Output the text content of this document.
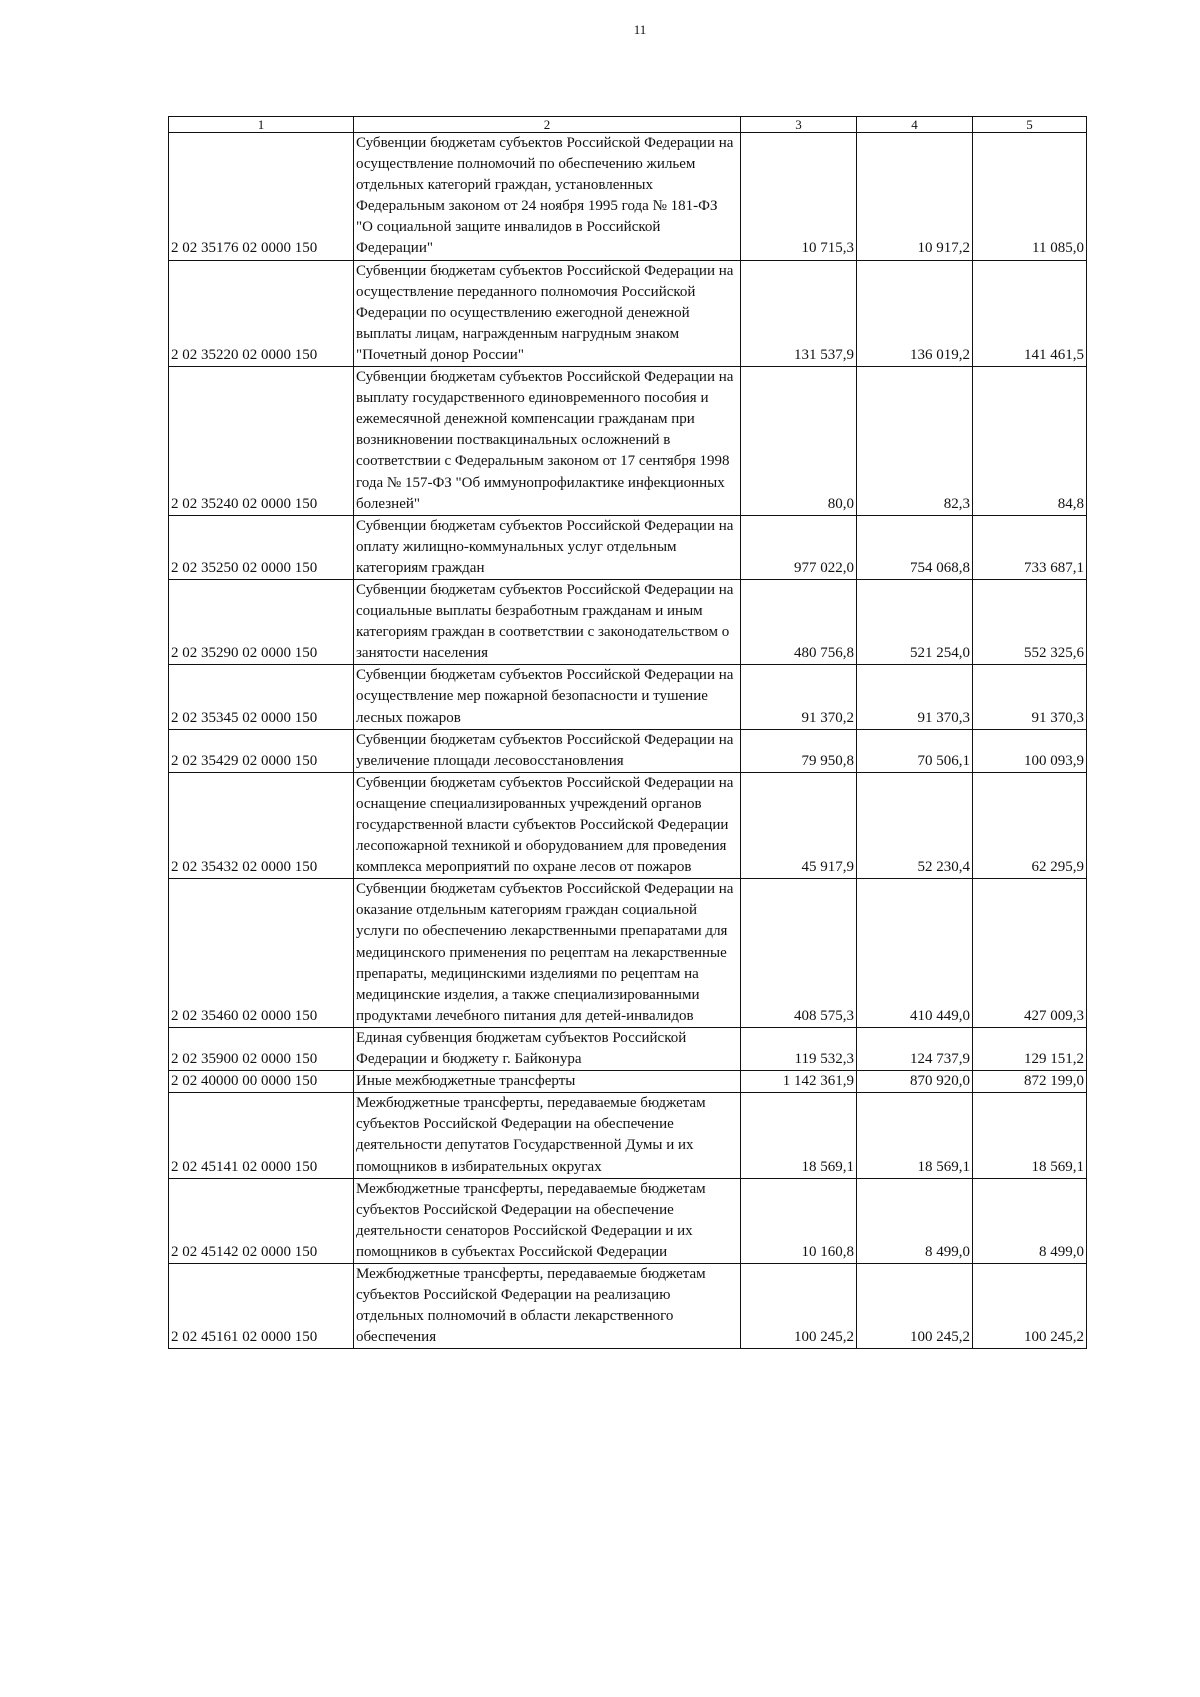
11
1	2	3	4	5
2 02 35176 02 0000 150	Субвенции бюджетам субъектов Российской Федерации на осуществление полномочий по обеспечению жильем отдельных категорий граждан, установленных Федеральным законом от 24 ноября 1995 года № 181-ФЗ "О социальной защите инвалидов в Российской Федерации"	10 715,3	10 917,2	11 085,0
2 02 35220 02 0000 150	Субвенции бюджетам субъектов Российской Федерации на осуществление переданного полномочия Российской Федерации по осуществлению ежегодной денежной выплаты лицам, награжденным нагрудным знаком "Почетный донор России"	131 537,9	136 019,2	141 461,5
2 02 35240 02 0000 150	Субвенции бюджетам субъектов Российской Федерации на выплату государственного единовременного пособия и ежемесячной денежной компенсации гражданам при возникновении поствакцинальных осложнений в соответствии с Федеральным законом от 17 сентября 1998 года № 157-ФЗ "Об иммунопрофилактике инфекционных болезней"	80,0	82,3	84,8
2 02 35250 02 0000 150	Субвенции бюджетам субъектов Российской Федерации на оплату жилищно-коммунальных услуг отдельным категориям граждан	977 022,0	754 068,8	733 687,1
2 02 35290 02 0000 150	Субвенции бюджетам субъектов Российской Федерации на социальные выплаты безработным гражданам и иным категориям граждан в соответствии с законодательством о занятости населения	480 756,8	521 254,0	552 325,6
2 02 35345 02 0000 150	Субвенции бюджетам субъектов Российской Федерации на осуществление мер пожарной безопасности и тушение лесных пожаров	91 370,2	91 370,3	91 370,3
2 02 35429 02 0000 150	Субвенции бюджетам субъектов Российской Федерации на увеличение площади лесовосстановления	79 950,8	70 506,1	100 093,9
2 02 35432 02 0000 150	Субвенции бюджетам субъектов Российской Федерации на оснащение специализированных учреждений органов государственной власти субъектов Российской Федерации лесопожарной техникой и оборудованием для проведения комплекса мероприятий по охране лесов от пожаров	45 917,9	52 230,4	62 295,9
2 02 35460 02 0000 150	Субвенции бюджетам субъектов Российской Федерации на оказание отдельным категориям граждан социальной услуги по обеспечению лекарственными препаратами для медицинского применения по рецептам на лекарственные препараты, медицинскими изделиями по рецептам на медицинские изделия, а также специализированными продуктами лечебного питания для детей-инвалидов	408 575,3	410 449,0	427 009,3
2 02 35900 02 0000 150	Единая субвенция бюджетам субъектов Российской Федерации и бюджету г. Байконура	119 532,3	124 737,9	129 151,2
2 02 40000 00 0000 150	Иные межбюджетные трансферты	1 142 361,9	870 920,0	872 199,0
2 02 45141 02 0000 150	Межбюджетные трансферты, передаваемые бюджетам субъектов Российской Федерации на обеспечение деятельности депутатов Государственной Думы и их помощников в избирательных округах	18 569,1	18 569,1	18 569,1
2 02 45142 02 0000 150	Межбюджетные трансферты, передаваемые бюджетам субъектов Российской Федерации на обеспечение деятельности сенаторов Российской Федерации и их помощников в субъектах Российской Федерации	10 160,8	8 499,0	8 499,0
2 02 45161 02 0000 150	Межбюджетные трансферты, передаваемые бюджетам субъектов Российской Федерации на реализацию отдельных полномочий в области лекарственного обеспечения	100 245,2	100 245,2	100 245,2
